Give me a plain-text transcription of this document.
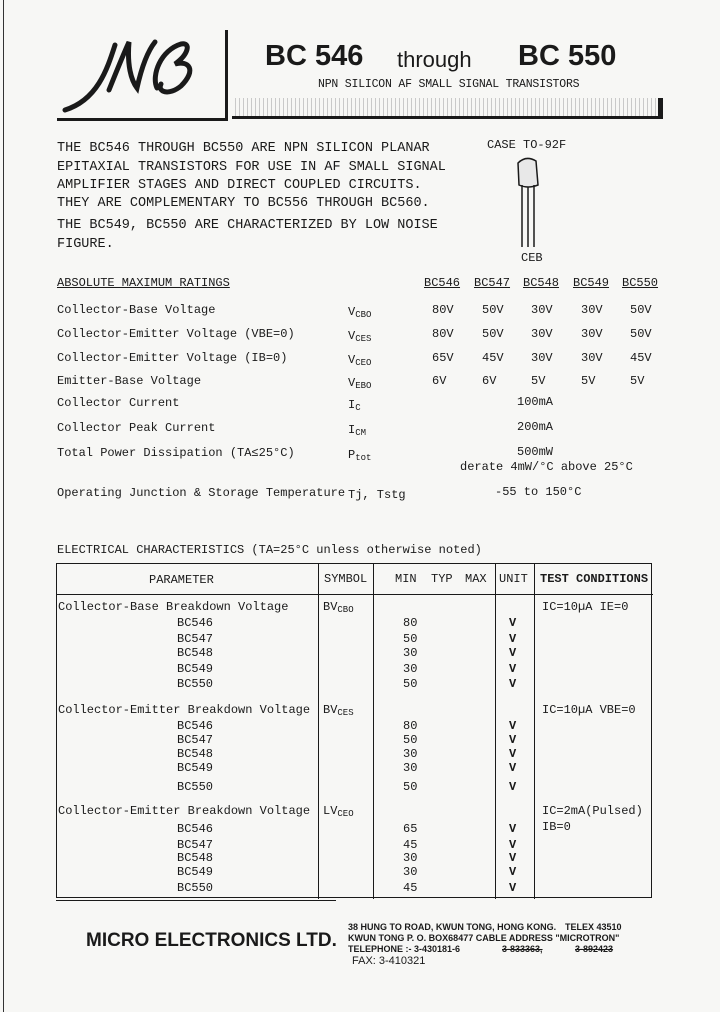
BC 546 through BC 550
NPN SILICON AF SMALL SIGNAL TRANSISTORS
THE BC546 THROUGH BC550 ARE NPN SILICON PLANAR
EPITAXIAL TRANSISTORS FOR USE IN AF SMALL SIGNAL
AMPLIFIER STAGES AND DIRECT COUPLED CIRCUITS.
THEY ARE COMPLEMENTARY TO BC556 THROUGH BC560.
THE BC549, BC550 ARE CHARACTERIZED BY LOW NOISE
FIGURE.
CASE TO-92F
CEB
ABSOLUTE MAXIMUM RATINGS	BC546 BC547 BC548 BC549 BC550
Collector-Base Voltage	$V_{CBO}$	80V 50V 30V 30V 50V
Collector-Emitter Voltage (VBE=0)	$V_{CES}$	80V 50V 30V 30V 50V
Collector-Emitter Voltage (IB=0)	$V_{CEO}$	65V 45V 30V 30V 45V
Emitter-Base Voltage	$V_{EBO}$	6V	6V	5V	5V	5V
Collector Current	$I_C$	100mA
Collector Peak Current	$I_{CM}$	200mA
Total Power Dissipation (TA≤25°C)	$P_{tot}$	500mW
derate 4mW/°C above 25°C
Operating Junction & Storage Temperature Tj, Tstg	-55 to 150°C
ELECTRICAL CHARACTERISTICS (TA=25°C unless otherwise noted)
PARAMETER	SYMBOL MIN TYP MAX UNIT TEST CONDITIONS
Collector-Base Breakdown Voltage	$BV_{CBO}$	IC=10µA IE=0
BC546	80	V
BC547	50	V
BC548	30	V
BC549	30	V
BC550	50	V
Collector-Emitter Breakdown Voltage $BV_{CES}$	IC=10µA VBE=0
BC546	80	V
BC547	50	V
BC548	30	V
BC549	30	V
BC550	50	V
Collector-Emitter Breakdown Voltage $LV_{CEO}$	IC=2mA(Pulsed)
IB=0
BC546	65	V
BC547	45	V
BC548	30	V
BC549	30	V
BC550	45	V
MICRO ELECTRONICS LTD.
38 HUNG TO ROAD, KWUN TONG, HONG KONG. TELEX 43510
KWUN TONG P. O. BOX68477 CABLE ADDRESS "MICROTRON"
TELEPHONE :- 3-430181-6	3-833363,	3-892423
FAX: 3-410321
